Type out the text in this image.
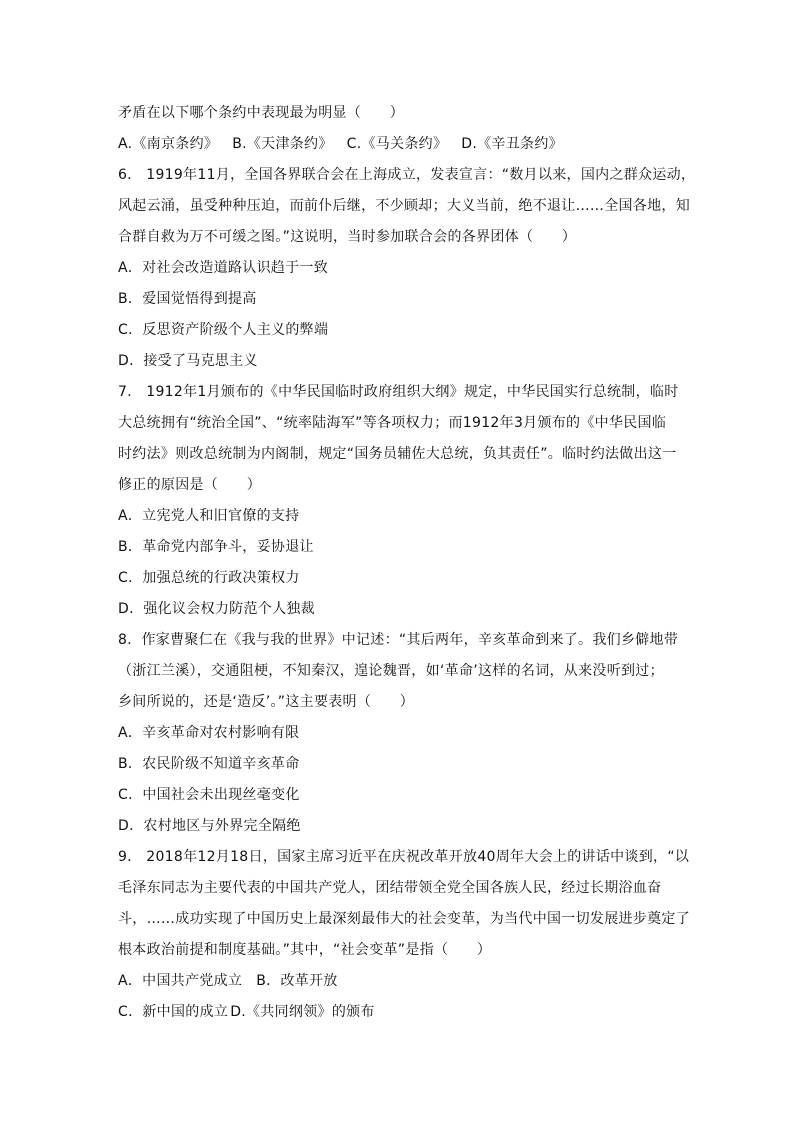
矛盾在以下哪个条约中表现最为明显（　　）
A.《南京条约》 B.《天津条约》 C.《马关条约》 D.《辛丑条约》
6． 1919年11月，全国各界联合会在上海成立，发表宣言：“数月以来，国内之群众运动，
风起云涌，虽受种种压迫，而前仆后继，不少顾却；大义当前，绝不退让……全国各地，知
合群自救为万不可缓之图。”这说明，当时参加联合会的各界团体（　　）
A．对社会改造道路认识趋于一致
B．爱国觉悟得到提高
C．反思资产阶级个人主义的弊端
D．接受了马克思主义
7． 1912年1月颁布的《中华民国临时政府组织大纲》规定，中华民国实行总统制，临时
大总统拥有“统治全国”、“统率陆海军”等各项权力；而1912年3月颁布的《中华民国临
时约法》则改总统制为内阁制，规定“国务员辅佐大总统，负其责任”。临时约法做出这一
修正的原因是（　　）
A．立宪党人和旧官僚的支持
B．革命党内部争斗，妥协退让
C．加强总统的行政决策权力
D．强化议会权力防范个人独裁
8．作家曹聚仁在《我与我的世界》中记述：“其后两年，辛亥革命到来了。我们乡僻地带
（浙江兰溪），交通阻梗，不知秦汉，遑论魏晋，如‘革命’这样的名词，从来没听到过；
乡间所说的，还是‘造反’。”这主要表明（　　）
A．辛亥革命对农村影响有限
B．农民阶级不知道辛亥革命
C．中国社会未出现丝毫变化
D．农村地区与外界完全隔绝
9． 2018年12月18日，国家主席习近平在庆祝改革开放40周年大会上的讲话中谈到，“以
毛泽东同志为主要代表的中国共产党人，团结带领全党全国各族人民，经过长期浴血奋
斗，……成功实现了中国历史上最深刻最伟大的社会变革，为当代中国一切发展进步奠定了
根本政治前提和制度基础。”其中，“社会变革”是指（　　）
A．中国共产党成立 B．改革开放
C．新中国的成立 D.《共同纲领》的颁布
